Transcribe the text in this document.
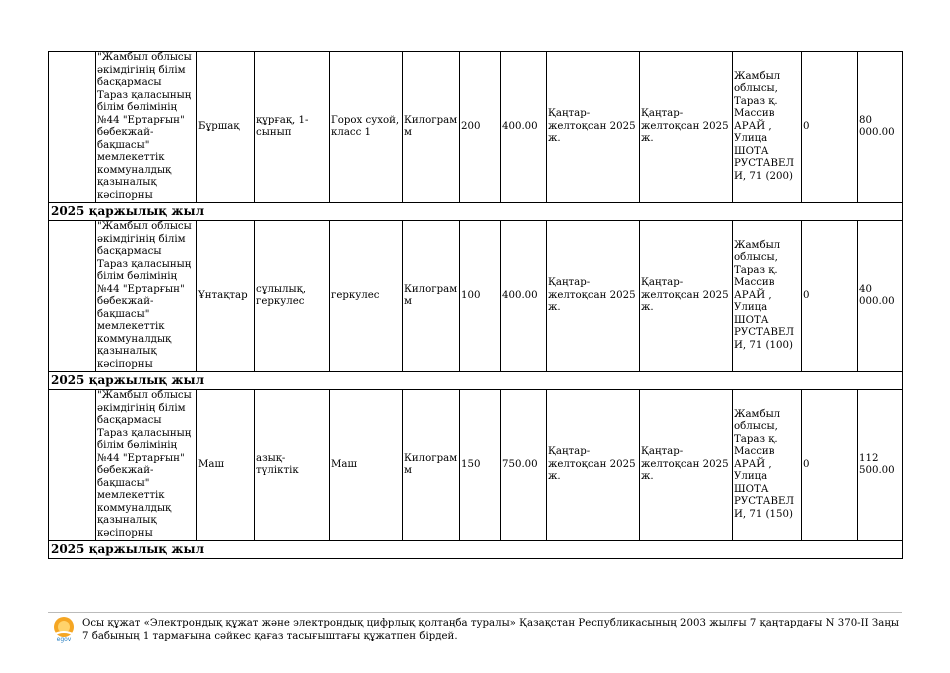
	"Жамбыл облысы әкімдігінің білім басқармасы Тараз қаласының білім бөлімінің №44 "Ертарғын" бөбекжай-бақшасы" мемлекеттік коммуналдық қазыналық кәсіпорны	Бұршақ	құрғақ, 1-сынып	Горох сухой, класс 1	Килограмм	200	400.00	Қаңтар-желтоқсан 2025 ж.	Қаңтар-желтоқсан 2025 ж.	Жамбыл облысы, Тараз қ. Массив АРАЙ , Улица ШОТА РУСТАВЕЛИ, 71 (200)	0	80 000.00
2025 қаржылық жыл												
	"Жамбыл облысы әкімдігінің білім басқармасы Тараз қаласының білім бөлімінің №44 "Ертарғын" бөбекжай-бақшасы" мемлекеттік коммуналдық қазыналық кәсіпорны	Ұнтақтар	сұлылық, геркулес	геркулес	Килограмм	100	400.00	Қаңтар-желтоқсан 2025 ж.	Қаңтар-желтоқсан 2025 ж.	Жамбыл облысы, Тараз қ. Массив АРАЙ , Улица ШОТА РУСТАВЕЛИ, 71 (100)	0	40 000.00
2025 қаржылық жыл												
	"Жамбыл облысы әкімдігінің білім басқармасы Тараз қаласының білім бөлімінің №44 "Ертарғын" бөбекжай-бақшасы" мемлекеттік коммуналдық қазыналық кәсіпорны	Маш	азық-түліктік	Маш	Килограмм	150	750.00	Қаңтар-желтоқсан 2025 ж.	Қаңтар-желтоқсан 2025 ж.	Жамбыл облысы, Тараз қ. Массив АРАЙ , Улица ШОТА РУСТАВЕЛИ, 71 (150)	0	112 500.00
2025 қаржылық жыл												
egov
Осы құжат «Электрондық құжат және электрондық цифрлық қолтаңба туралы» Қазақстан Республикасының 2003 жылғы 7 қаңтардағы N 370-II Заңы 7 бабының 1 тармағына сәйкес қағаз тасығыштағы құжатпен бірдей.
